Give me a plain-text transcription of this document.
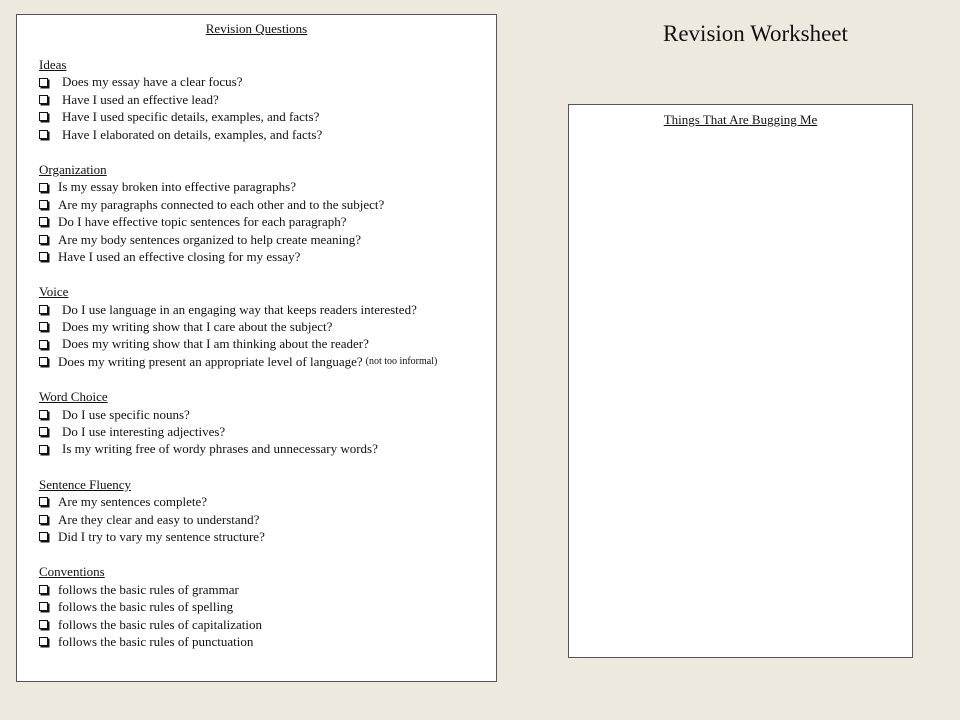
Revision Questions
Ideas
Does my essay have a clear focus?
Have I used an effective lead?
Have I used specific details, examples, and facts?
Have I elaborated on details, examples, and facts?
Organization
Is my essay broken into effective paragraphs?
Are my paragraphs connected to each other and to the subject?
Do I have effective topic sentences for each paragraph?
Are my body sentences organized to help create meaning?
Have I used an effective closing for my essay?
Voice
Do I use language in an engaging way that keeps readers interested?
Does my writing show that I care about the subject?
Does my writing show that I am thinking about the reader?
Does my writing present an appropriate level of language? (not too informal)
Word Choice
Do I use specific nouns?
Do I use interesting adjectives?
Is my writing free of wordy phrases and unnecessary words?
Sentence Fluency
Are my sentences complete?
Are they clear and easy to understand?
Did I try to vary my sentence structure?
Conventions
follows the basic rules of grammar
follows the basic rules of spelling
follows the basic rules of capitalization
follows the basic rules of punctuation
Revision Worksheet
Things That Are Bugging Me
